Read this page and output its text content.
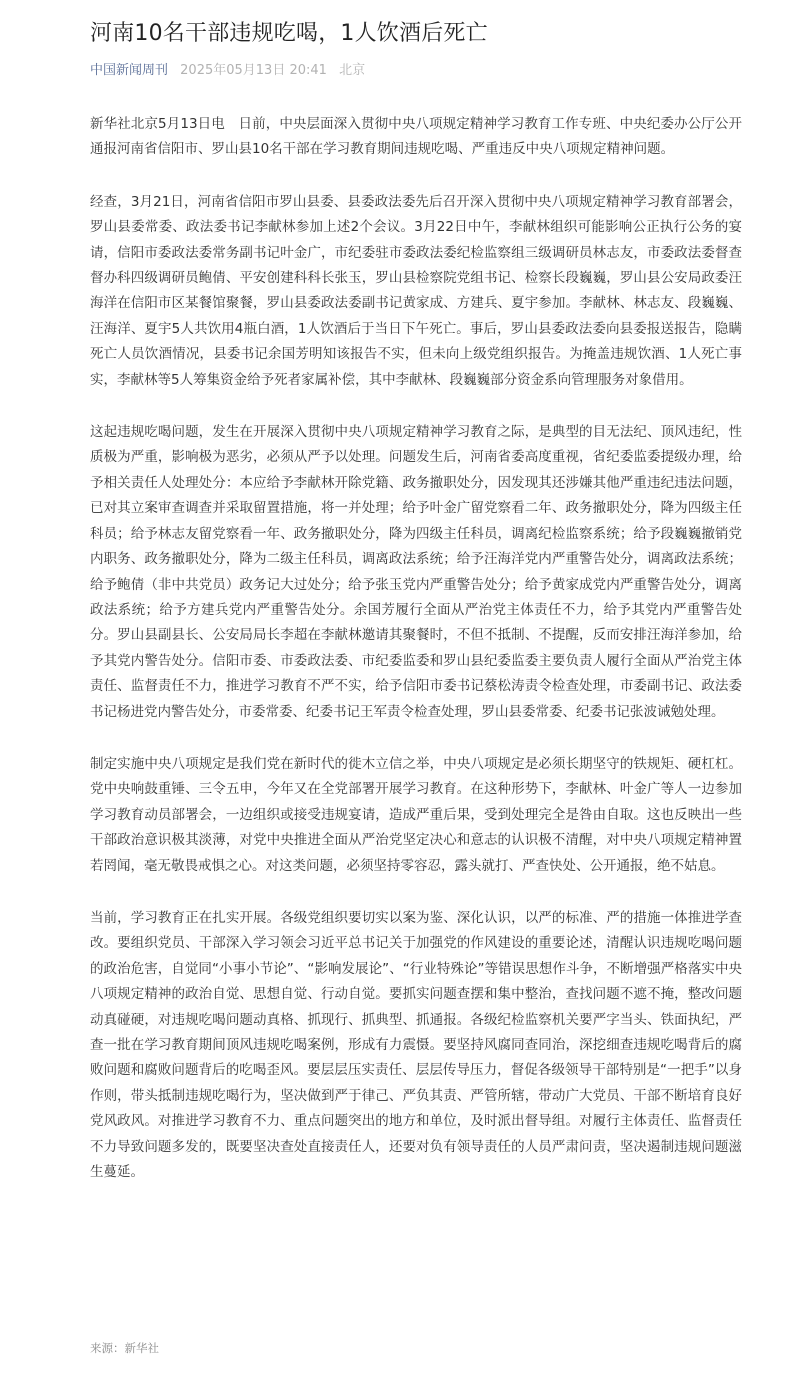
河南10名干部违规吃喝，1人饮酒后死亡
中国新闻周刊 2025年05月13日 20:41 北京

新华社北京5月13日电　日前，中央层面深入贯彻中央八项规定精神学习教育工作专班、中央纪委办公厅公开通报河南省信阳市、罗山县10名干部在学习教育期间违规吃喝、严重违反中央八项规定精神问题。

经查，3月21日，河南省信阳市罗山县委、县委政法委先后召开深入贯彻中央八项规定精神学习教育部署会，罗山县委常委、政法委书记李献林参加上述2个会议。3月22日中午，李献林组织可能影响公正执行公务的宴请，信阳市委政法委常务副书记叶金广，市纪委驻市委政法委纪检监察组三级调研员林志友，市委政法委督查督办科四级调研员鲍倩、平安创建科科长张玉，罗山县检察院党组书记、检察长段巍巍，罗山县公安局政委汪海洋在信阳市区某餐馆聚餐，罗山县委政法委副书记黄家成、方建兵、夏宇参加。李献林、林志友、段巍巍、汪海洋、夏宇5人共饮用4瓶白酒，1人饮酒后于当日下午死亡。事后，罗山县委政法委向县委报送报告，隐瞒死亡人员饮酒情况，县委书记余国芳明知该报告不实，但未向上级党组织报告。为掩盖违规饮酒、1人死亡事实，李献林等5人筹集资金给予死者家属补偿，其中李献林、段巍巍部分资金系向管理服务对象借用。

这起违规吃喝问题，发生在开展深入贯彻中央八项规定精神学习教育之际，是典型的目无法纪、顶风违纪，性质极为严重，影响极为恶劣，必须从严予以处理。问题发生后，河南省委高度重视，省纪委监委提级办理，给予相关责任人处理处分：本应给予李献林开除党籍、政务撤职处分，因发现其还涉嫌其他严重违纪违法问题，已对其立案审查调查并采取留置措施，将一并处理；给予叶金广留党察看二年、政务撤职处分，降为四级主任科员；给予林志友留党察看一年、政务撤职处分，降为四级主任科员，调离纪检监察系统；给予段巍巍撤销党内职务、政务撤职处分，降为二级主任科员，调离政法系统；给予汪海洋党内严重警告处分，调离政法系统；给予鲍倩（非中共党员）政务记大过处分；给予张玉党内严重警告处分；给予黄家成党内严重警告处分，调离政法系统；给予方建兵党内严重警告处分。余国芳履行全面从严治党主体责任不力，给予其党内严重警告处分。罗山县副县长、公安局局长李超在李献林邀请其聚餐时，不但不抵制、不提醒，反而安排汪海洋参加，给予其党内警告处分。信阳市委、市委政法委、市纪委监委和罗山县纪委监委主要负责人履行全面从严治党主体责任、监督责任不力，推进学习教育不严不实，给予信阳市委书记蔡松涛责令检查处理，市委副书记、政法委书记杨进党内警告处分，市委常委、纪委书记王军责令检查处理，罗山县委常委、纪委书记张波诫勉处理。

制定实施中央八项规定是我们党在新时代的徙木立信之举，中央八项规定是必须长期坚守的铁规矩、硬杠杠。党中央响鼓重锤、三令五申，今年又在全党部署开展学习教育。在这种形势下，李献林、叶金广等人一边参加学习教育动员部署会，一边组织或接受违规宴请，造成严重后果，受到处理完全是咎由自取。这也反映出一些干部政治意识极其淡薄，对党中央推进全面从严治党坚定决心和意志的认识极不清醒，对中央八项规定精神置若罔闻，毫无敬畏戒惧之心。对这类问题，必须坚持零容忍，露头就打、严查快处、公开通报，绝不姑息。

当前，学习教育正在扎实开展。各级党组织要切实以案为鉴、深化认识，以严的标准、严的措施一体推进学查改。要组织党员、干部深入学习领会习近平总书记关于加强党的作风建设的重要论述，清醒认识违规吃喝问题的政治危害，自觉同“小事小节论”、“影响发展论”、“行业特殊论”等错误思想作斗争，不断增强严格落实中央八项规定精神的政治自觉、思想自觉、行动自觉。要抓实问题查摆和集中整治，查找问题不遮不掩，整改问题动真碰硬，对违规吃喝问题动真格、抓现行、抓典型、抓通报。各级纪检监察机关要严字当头、铁面执纪，严查一批在学习教育期间顶风违规吃喝案例，形成有力震慑。要坚持风腐同查同治，深挖细查违规吃喝背后的腐败问题和腐败问题背后的吃喝歪风。要层层压实责任、层层传导压力，督促各级领导干部特别是“一把手”以身作则，带头抵制违规吃喝行为，坚决做到严于律己、严负其责、严管所辖，带动广大党员、干部不断培育良好党风政风。对推进学习教育不力、重点问题突出的地方和单位，及时派出督导组。对履行主体责任、监督责任不力导致问题多发的，既要坚决查处直接责任人，还要对负有领导责任的人员严肃问责，坚决遏制违规问题滋生蔓延。

来源：新华社
